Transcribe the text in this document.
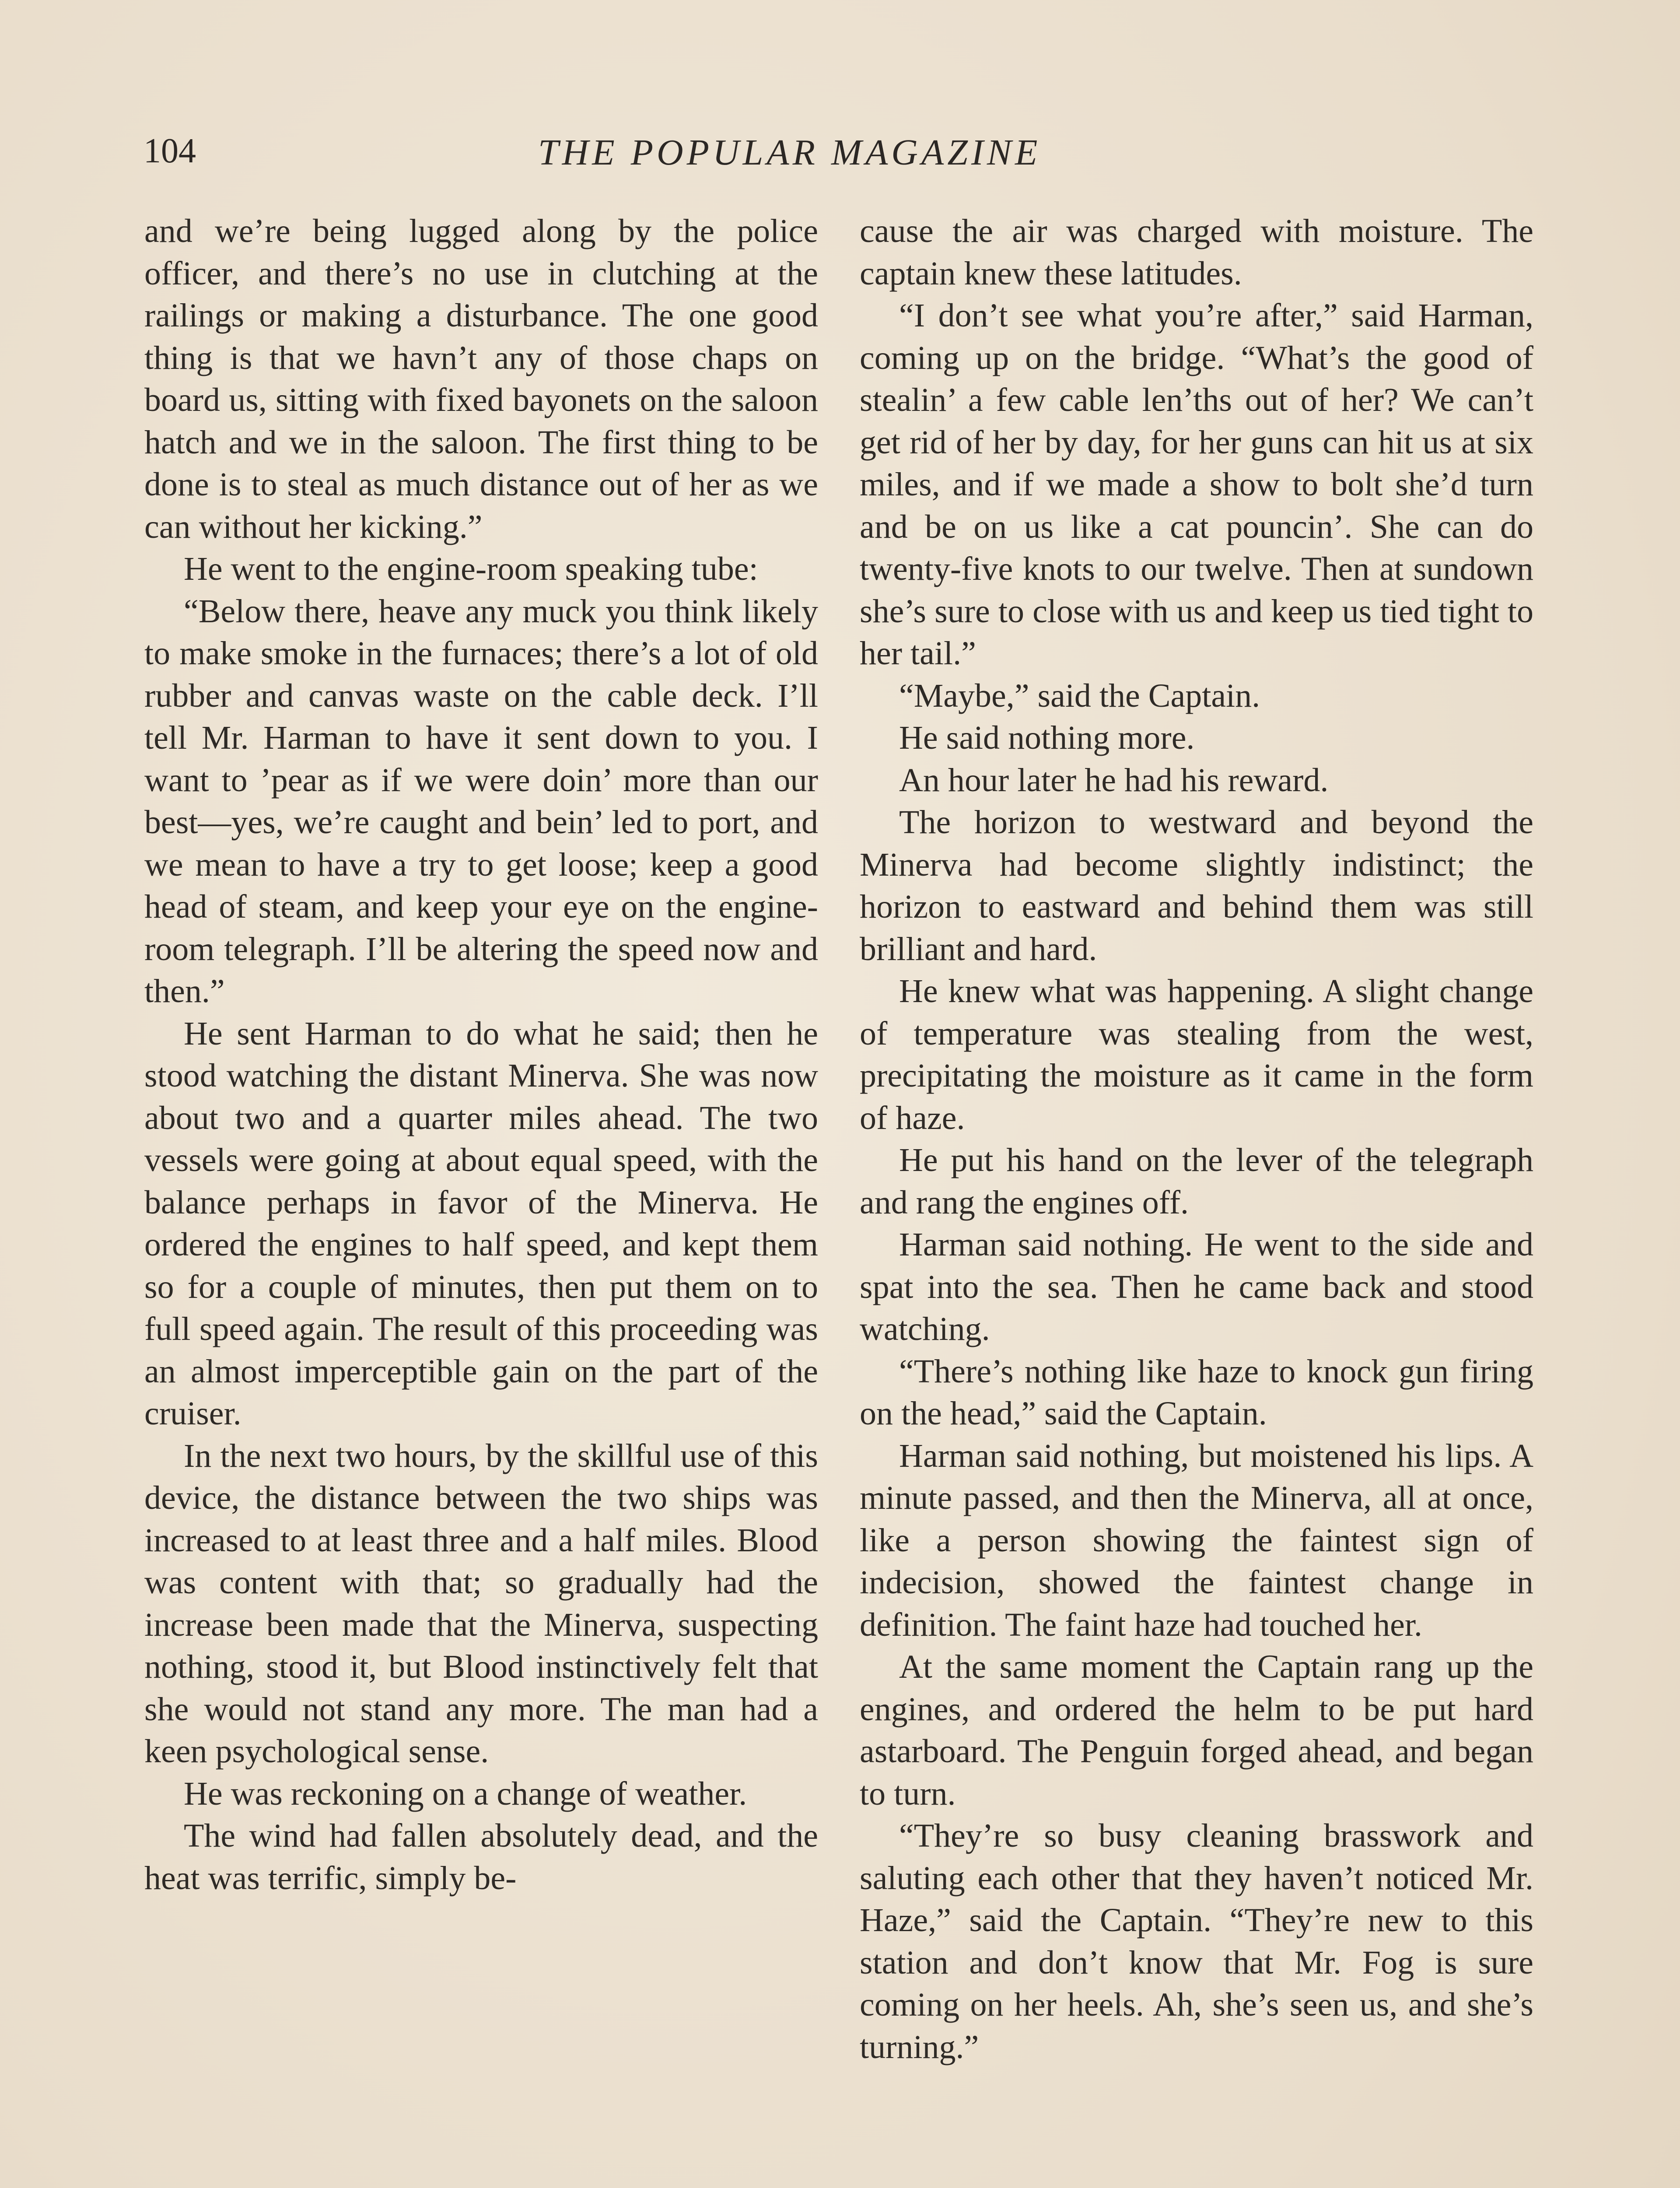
104	THE POPULAR MAGAZINE

and we’re being lugged along by the police officer, and there’s no use in clutching at the railings or making a disturbance. The one good thing is that we havn’t any of those chaps on board us, sitting with fixed bayonets on the saloon hatch and we in the saloon. The first thing to be done is to steal as much distance out of her as we can without her kicking.”

He went to the engine-room speaking tube:

“Below there, heave any muck you think likely to make smoke in the furnaces; there’s a lot of old rubber and canvas waste on the cable deck. I’ll tell Mr. Harman to have it sent down to you. I want to ’pear as if we were doin’ more than our best—yes, we’re caught and bein’ led to port, and we mean to have a try to get loose; keep a good head of steam, and keep your eye on the engine-room telegraph. I’ll be altering the speed now and then.”

He sent Harman to do what he said; then he stood watching the distant Minerva. She was now about two and a quarter miles ahead. The two vessels were going at about equal speed, with the balance perhaps in favor of the Minerva. He ordered the engines to half speed, and kept them so for a couple of minutes, then put them on to full speed again. The result of this proceeding was an almost imperceptible gain on the part of the cruiser.

In the next two hours, by the skillful use of this device, the distance between the two ships was increased to at least three and a half miles. Blood was content with that; so gradually had the increase been made that the Minerva, suspecting nothing, stood it, but Blood instinctively felt that she would not stand any more. The man had a keen psychological sense.

He was reckoning on a change of weather.

The wind had fallen absolutely dead, and the heat was terrific, simply be-

cause the air was charged with moisture. The captain knew these latitudes.

“I don’t see what you’re after,” said Harman, coming up on the bridge. “What’s the good of stealin’ a few cable len’ths out of her? We can’t get rid of her by day, for her guns can hit us at six miles, and if we made a show to bolt she’d turn and be on us like a cat pouncin’. She can do twenty-five knots to our twelve. Then at sundown she’s sure to close with us and keep us tied tight to her tail.”

“Maybe,” said the Captain.

He said nothing more.

An hour later he had his reward.

The horizon to westward and beyond the Minerva had become slightly indistinct; the horizon to eastward and behind them was still brilliant and hard.

He knew what was happening. A slight change of temperature was stealing from the west, precipitating the moisture as it came in the form of haze.

He put his hand on the lever of the telegraph and rang the engines off.

Harman said nothing. He went to the side and spat into the sea. Then he came back and stood watching.

“There’s nothing like haze to knock gun firing on the head,” said the Captain.

Harman said nothing, but moistened his lips. A minute passed, and then the Minerva, all at once, like a person showing the faintest sign of indecision, showed the faintest change in definition. The faint haze had touched her.

At the same moment the Captain rang up the engines, and ordered the helm to be put hard astarboard. The Penguin forged ahead, and began to turn.

“They’re so busy cleaning brasswork and saluting each other that they haven’t noticed Mr. Haze,” said the Captain. “They’re new to this station and don’t know that Mr. Fog is sure coming on her heels. Ah, she’s seen us, and she’s turning.”
